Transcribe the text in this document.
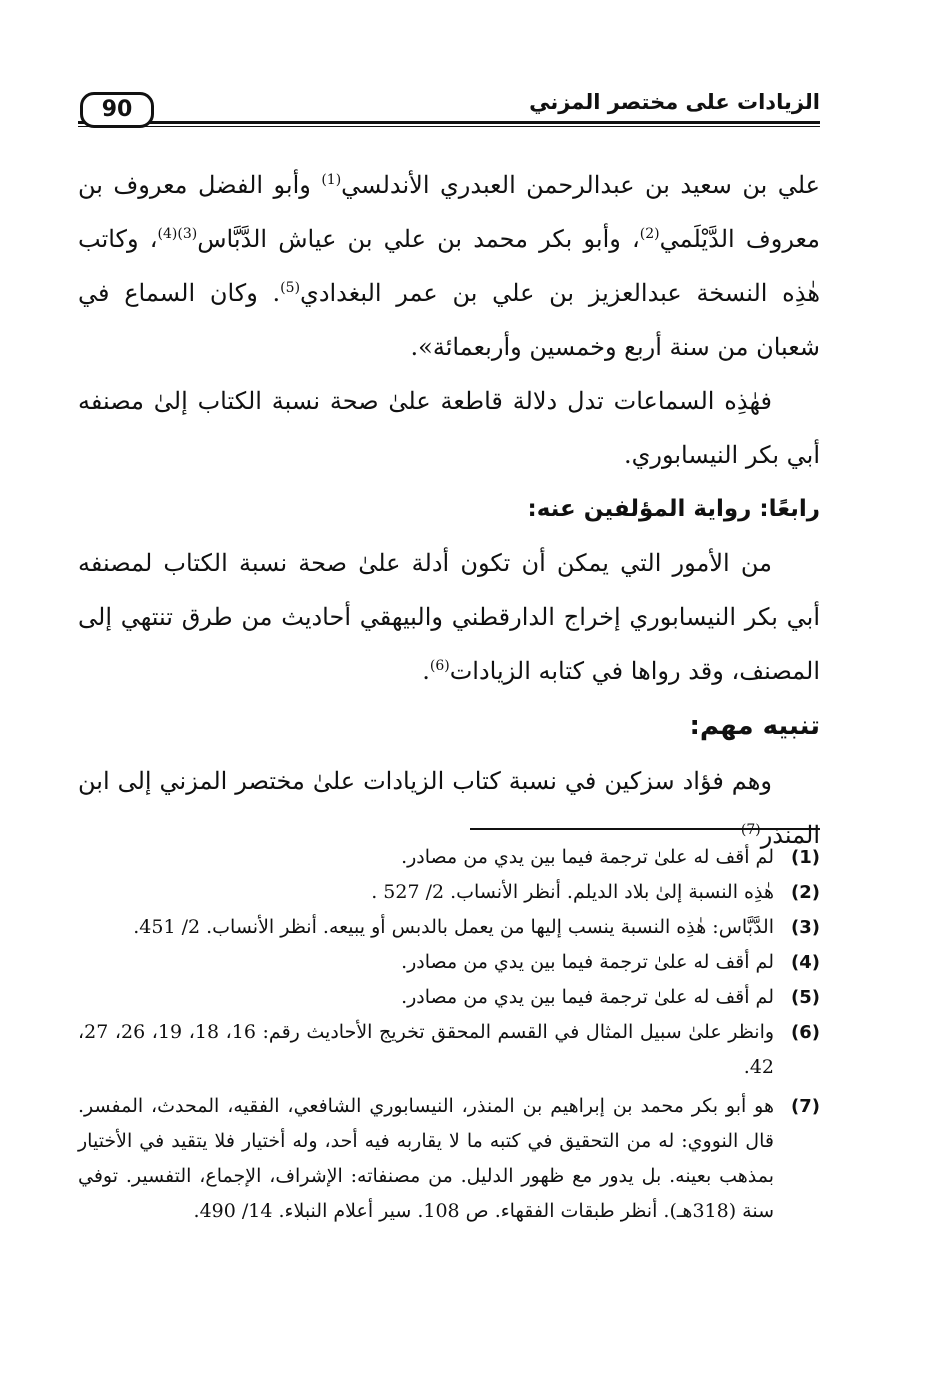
الزيادات على مختصر المزني
90

علي بن سعيد بن عبدالرحمن العبدري الأندلسي$^{(1)}$ وأبو الفضل معروف بن معروف الدَّيْلَمي$^{(2)}$، وأبو بكر محمد بن علي بن عياش الدَّبَّاس$^{(3)(4)}$، وكاتب هٰذِه النسخة عبدالعزيز بن علي بن عمر البغدادي$^{(5)}$. وكان السماع في شعبان من سنة أربع وخمسين وأربعمائة».

فهٰذِه السماعات تدل دلالة قاطعة علىٰ صحة نسبة الكتاب إلىٰ مصنفه أبي بكر النيسابوري.

رابعًا: رواية المؤلفين عنه:

من الأمور التي يمكن أن تكون أدلة علىٰ صحة نسبة الكتاب لمصنفه أبي بكر النيسابوري إخراج الدارقطني والبيهقي أحاديث من طرق تنتهي إلى المصنف، وقد رواها في كتابه الزيادات$^{(6)}$.

تنبيه مهم:

وهم فؤاد سزكين في نسبة كتاب الزيادات علىٰ مختصر المزني إلى ابن المنذر$^{(7)}$

(1)
لم أقف له علىٰ ترجمة فيما بين يدي من مصادر.
(2)
هٰذِه النسبة إلىٰ بلاد الديلم. أنظر الأنساب. 2/ 527 .
(3)
الدَّبَّاس: هٰذِه النسبة ينسب إليها من يعمل بالدبس أو يبيعه. أنظر الأنساب. 2/ 451.
(4)
لم أقف له علىٰ ترجمة فيما بين يدي من مصادر.
(5)
لم أقف له علىٰ ترجمة فيما بين يدي من مصادر.
(6)
وانظر علىٰ سبيل المثال في القسم المحقق تخريج الأحاديث رقم: 16، 18، 19، 26، 27، 42.
(7)
هو أبو بكر محمد بن إبراهيم بن المنذر، النيسابوري الشافعي، الفقيه، المحدث، المفسر. قال النووي: له من التحقيق في كتبه ما لا يقاربه فيه أحد، وله أختيار فلا يتقيد في الأختيار بمذهب بعينه. بل يدور مع ظهور الدليل. من مصنفاته: الإشراف، الإجماع، التفسير. توفي سنة (318هـ). أنظر طبقات الفقهاء. ص 108. سير أعلام النبلاء. 14/ 490.
